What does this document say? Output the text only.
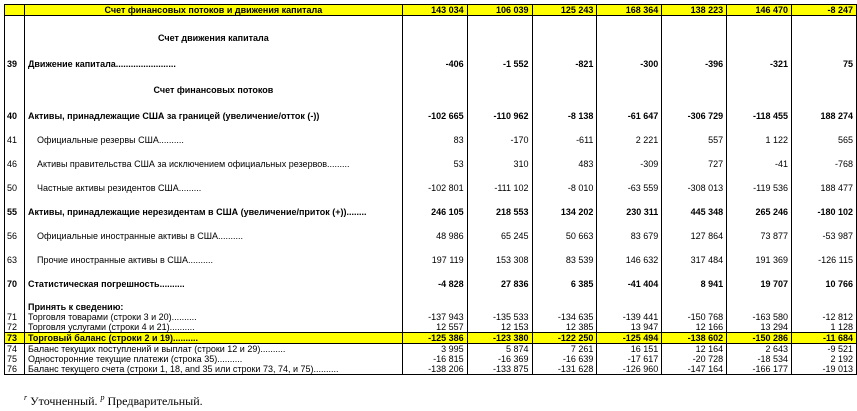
	Счет финансовых потоков и движения капитала	143 034	106 039	125 243	168 364	138 223	146 470	-8 247

	Счет движения капитала							

39	Движение капитала........................	-406	-1 552	-821	-300	-396	-321	75

	Счет финансовых потоков							

40	Активы, принадлежащие США за границей (увеличение/отток (-))	-102 665	-110 962	-8 138	-61 647	-306 729	-118 455	188 274

41	Официальные резервы США..........	83	-170	-611	2 221	557	1 122	565

46	Активы правительства США за исключением официальных резервов.........	53	310	483	-309	727	-41	-768

50	Частные активы резидентов США.........	-102 801	-111 102	-8 010	-63 559	-308 013	-119 536	188 477

55	Активы, принадлежащие нерезидентам в США (увеличение/приток (+))........	246 105	218 553	134 202	230 311	445 348	265 246	-180 102

56	Официальные иностранные активы в США..........	48 986	65 245	50 663	83 679	127 864	73 877	-53 987

63	Прочие иностранные активы в США..........	197 119	153 308	83 539	146 632	317 484	191 369	-126 115

70	Статистическая погрешность..........	-4 828	27 836	6 385	-41 404	8 941	19 707	10 766

	Принять к сведению:							
71	Торговля товарами (строки 3 и 20)..........	-137 943	-135 533	-134 635	-139 441	-150 768	-163 580	-12 812
72	Торговля услугами (строки 4 и 21)..........	12 557	12 153	12 385	13 947	12 166	13 294	1 128
73	Торговый баланс (строки 2 и 19)..........	-125 386	-123 380	-122 250	-125 494	-138 602	-150 286	-11 684
74	Баланс текущих поступлений и выплат (строки 12 и 29)..........	3 995	5 874	7 261	16 151	12 164	2 643	-9 521
75	Односторонние текущие платежи (строка 35)..........	-16 815	-16 369	-16 639	-17 617	-20 728	-18 534	2 192
76	Баланс текущего счета (строки 1, 18, and 35 или строки 73, 74, и 75)..........	-138 206	-133 875	-131 628	-126 960	-147 164	-166 177	-19 013
$^r$ Уточненный. $^p$ Предварительный.
